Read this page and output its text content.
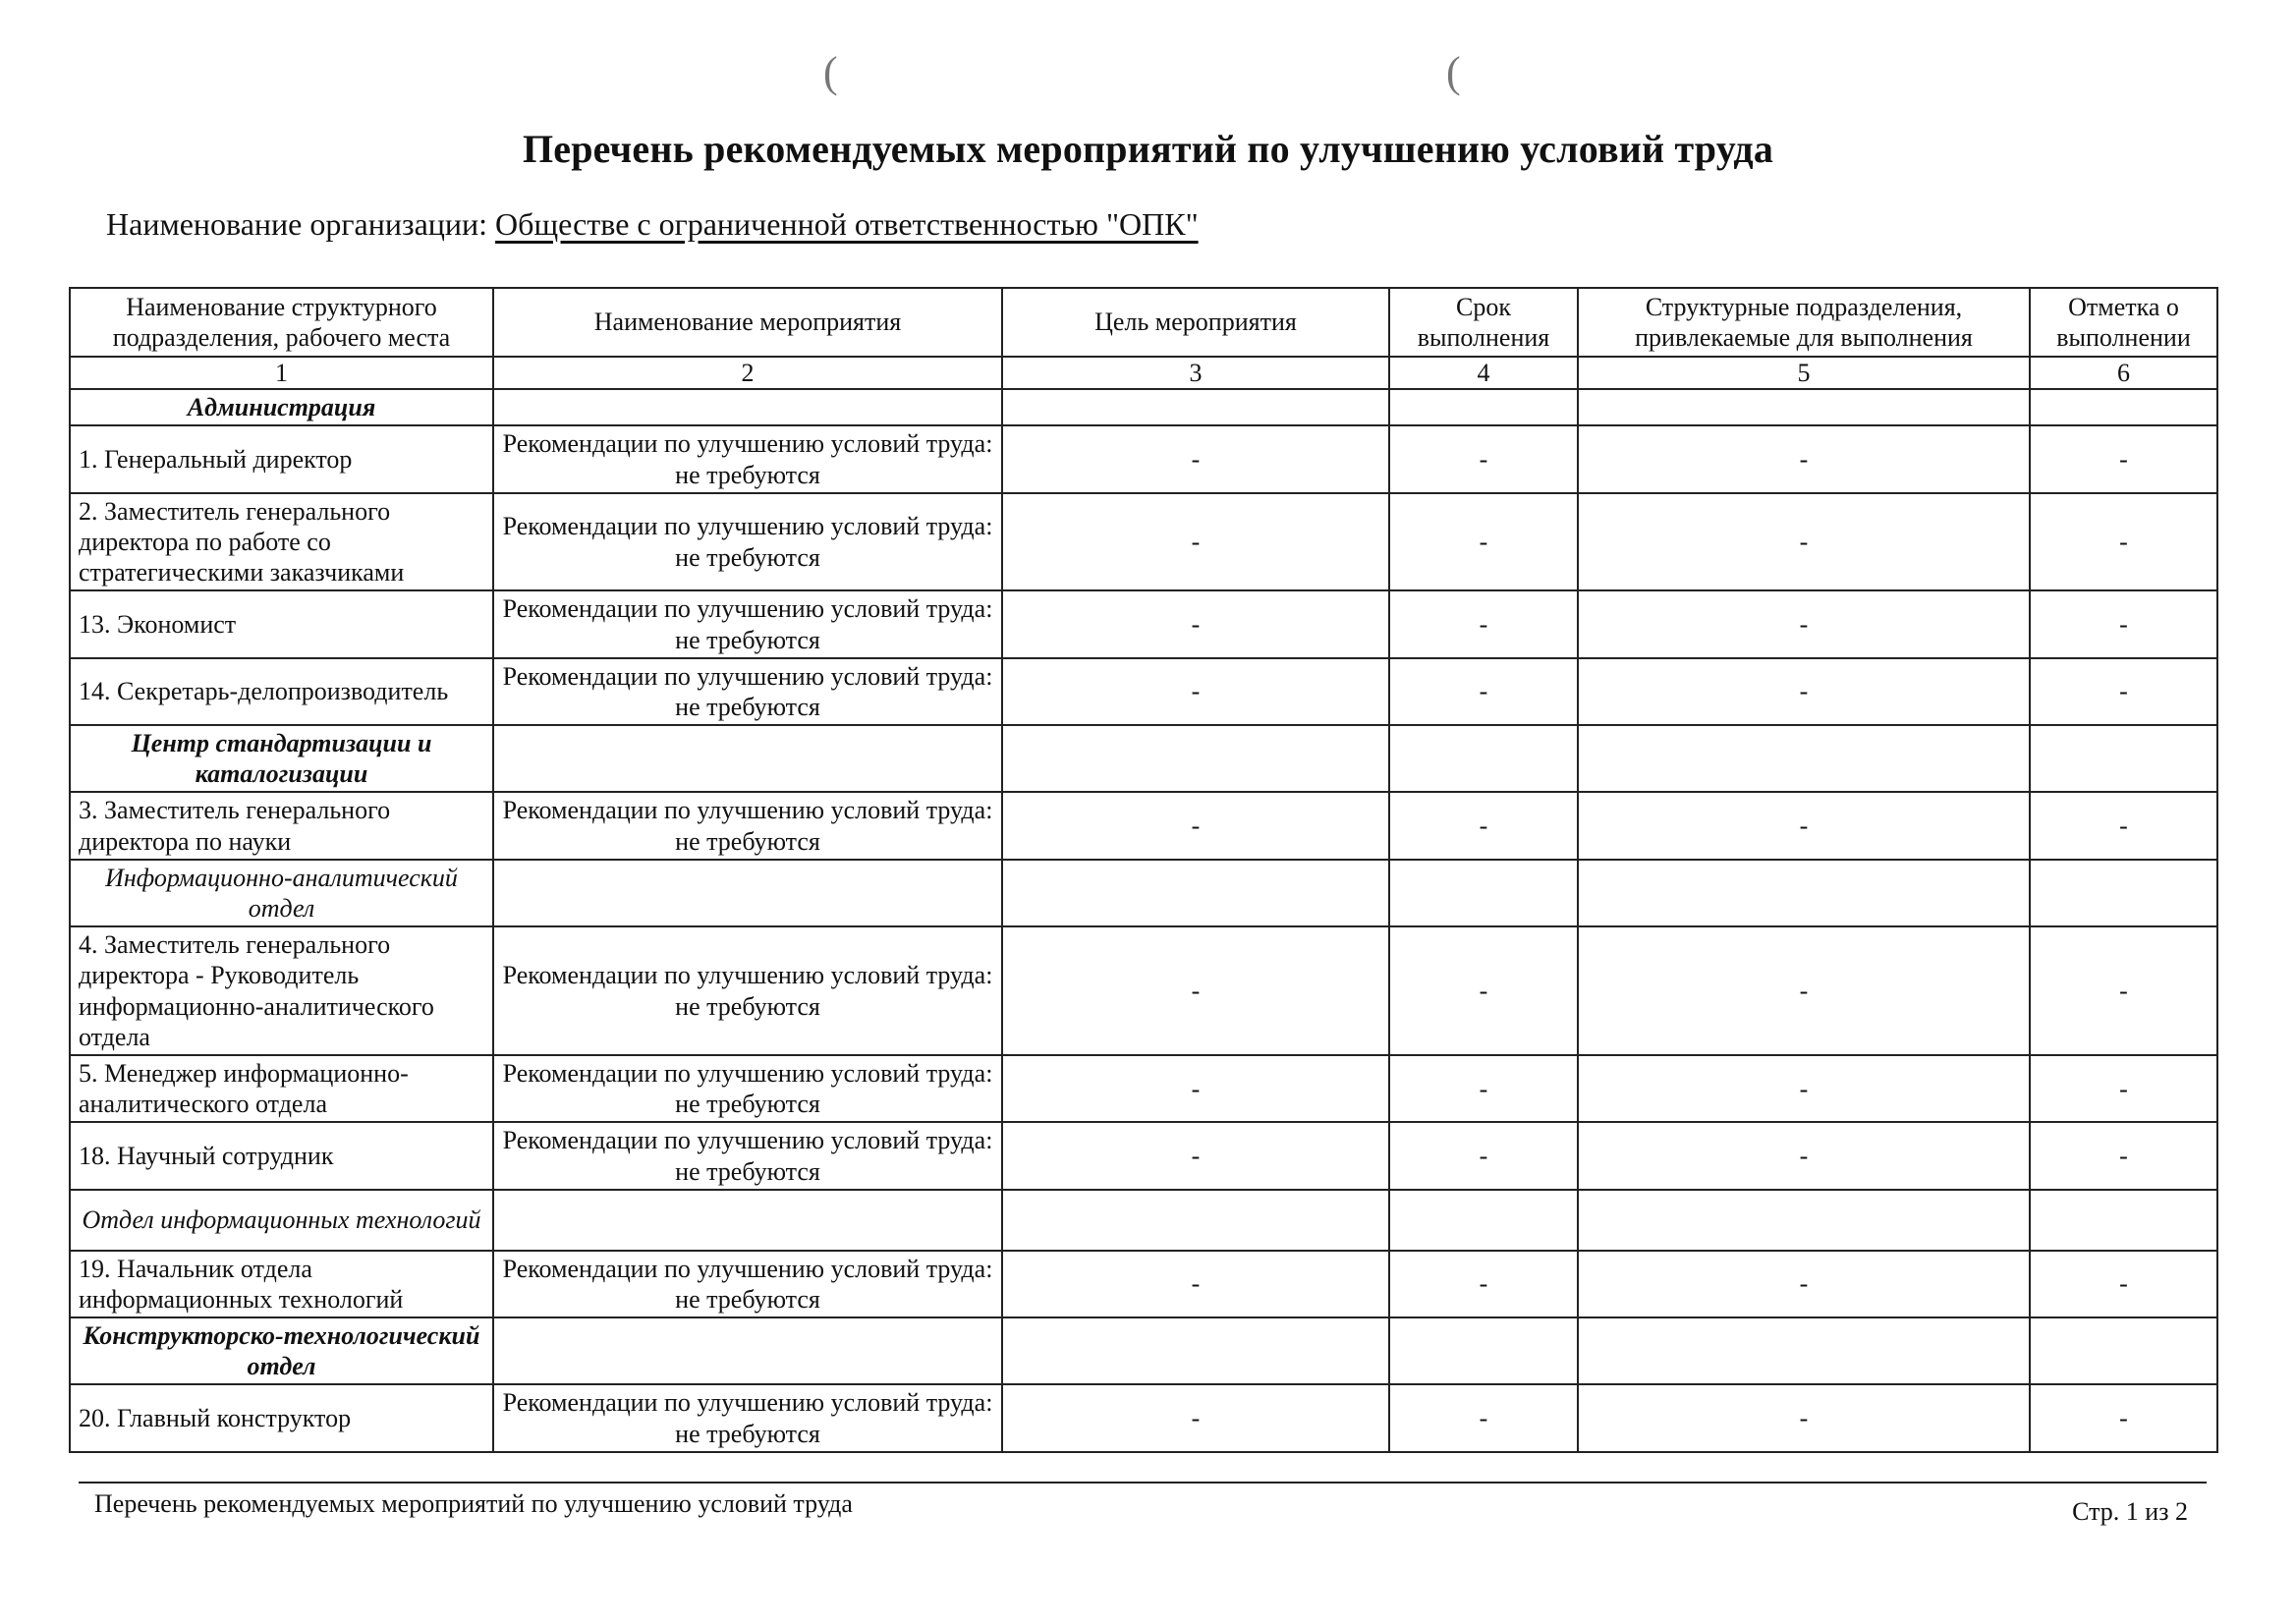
(	(
Перечень рекомендуемых мероприятий по улучшению условий труда
Наименование организации: Обществе с ограниченной ответственностью "ОПК"
Наименование структурного подразделения, рабочего места	Наименование мероприятия	Цель мероприятия	Срок выполнения	Структурные подразделения, привлекаемые для выполнения	Отметка о выполнении
1	2	3	4	5	6
Администрация					
1. Генеральный директор	Рекомендации по улучшению условий труда: не требуются	-	-	-	-
2. Заместитель генерального директора по работе со стратегическими заказчиками	Рекомендации по улучшению условий труда: не требуются	-	-	-	-
13. Экономист	Рекомендации по улучшению условий труда: не требуются	-	-	-	-
14. Секретарь-делопроизводитель	Рекомендации по улучшению условий труда: не требуются	-	-	-	-
Центр стандартизации и каталогизации					
3. Заместитель генерального директора по науки	Рекомендации по улучшению условий труда: не требуются	-	-	-	-
Информационно-аналитический отдел					
4. Заместитель генерального директора - Руководитель информационно-аналитического отдела	Рекомендации по улучшению условий труда: не требуются	-	-	-	-
5. Менеджер информационно-аналитического отдела	Рекомендации по улучшению условий труда: не требуются	-	-	-	-
18. Научный сотрудник	Рекомендации по улучшению условий труда: не требуются	-	-	-	-
Отдел информационных технологий					
19. Начальник отдела информационных технологий	Рекомендации по улучшению условий труда: не требуются	-	-	-	-
Конструкторско-технологический отдел					
20. Главный конструктор	Рекомендации по улучшению условий труда: не требуются	-	-	-	-
Перечень рекомендуемых мероприятий по улучшению условий труда	Стр. 1 из 2
